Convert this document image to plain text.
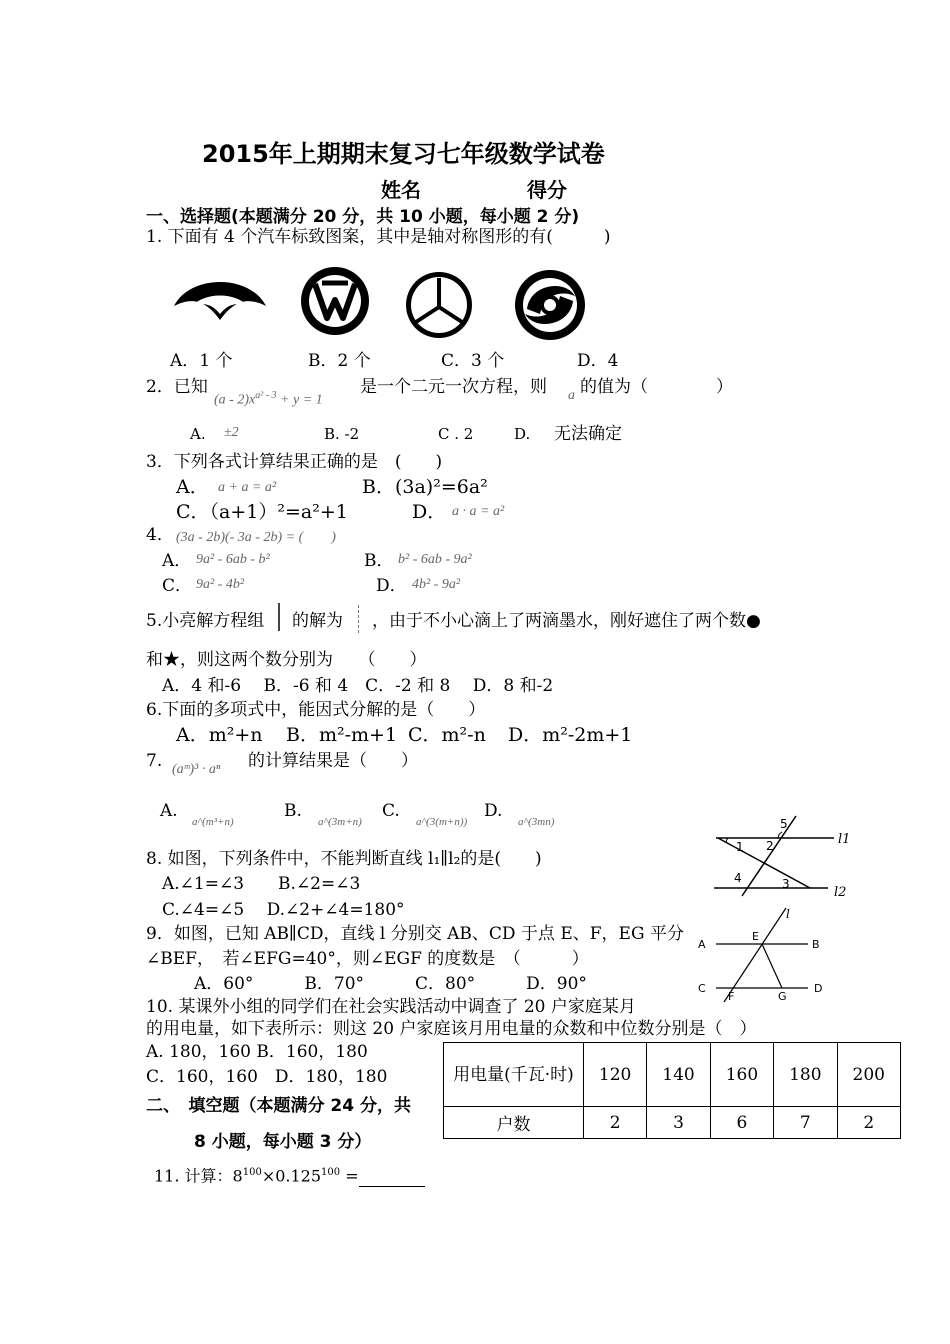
2015年上期期末复习七年级数学试卷
姓名	得分
一、选择题(本题满分 20 分，共 10 小题，每小题 2 分)
1. 下面有 4 个汽车标致图案，其中是轴对称图形的有(　　　)
A．1 个	B．2 个	C．3 个	D．4
2．已知
$(a - 2)x^{a^2 - 3} + y = 1$
是一个二元一次方程，则 a 的值为（　　　　）
A. ±2	B. -2	C . 2	D. 无法确定
3．下列各式计算结果正确的是　(　　)
A． a + a = a²	B．(3a)²=6a²
C．（a+1）²=a²+1	D． a · a = a²
4． (3a - 2b)(- 3a - 2b) = (　　)
A． 9a² - 6ab - b²	B． b² - 6ab - 9a²
C． 9a² - 4b²	D． 4b² - 9a²
5.小亮解方程组 的解为 ，由于不小心滴上了两滴墨水，刚好遮住了两个数●
和★，则这两个数分别为　　（　　）
A．4 和-6　 B．-6 和 4　C．-2 和 8　 D．8 和-2
6.下面的多项式中，能因式分解的是（　　）
A．m²+n B．m²-m+1 C．m²-n D．m²-2m+1
7. (aᵐ)³ · aⁿ 的计算结果是（　　）
A.
a^(m³+n)
B.
a^(3m+n)
C.
a^(3(m+n))
D.
a^(3mn)
8. 如图，下列条件中，不能判断直线 l₁∥l₂的是(　　)
A.∠1=∠3　　B.∠2=∠3
C.∠4=∠5　 D.∠2+∠4=180°
1 2
3
4
5
l1
l2
9．如图，已知 AB∥CD，直线 l 分别交 AB、CD 于点 E、F，EG 平分
∠BEF，　若∠EFG=40°，则∠EGF 的度数是　（　　　）
A．60°　　　B．70°　　　C．80°　　　D．90°
A	B
C	D
E
F	G
l
10. 某课外小组的同学们在社会实践活动中调查了 20 户家庭某月
的用电量，如下表所示：则这 20 户家庭该月用电量的众数和中位数分别是（　）
A. 180，160 B．160，180
C．160，160　D．180，180	用电量(千瓦·时)	120	140	160	180	200
户数	2	3	6	7	2
二、　填空题（本题满分 24 分，共
8 小题，每小题 3 分）
11. 计算：$8^{100}\times 0.125^{100}$ =
